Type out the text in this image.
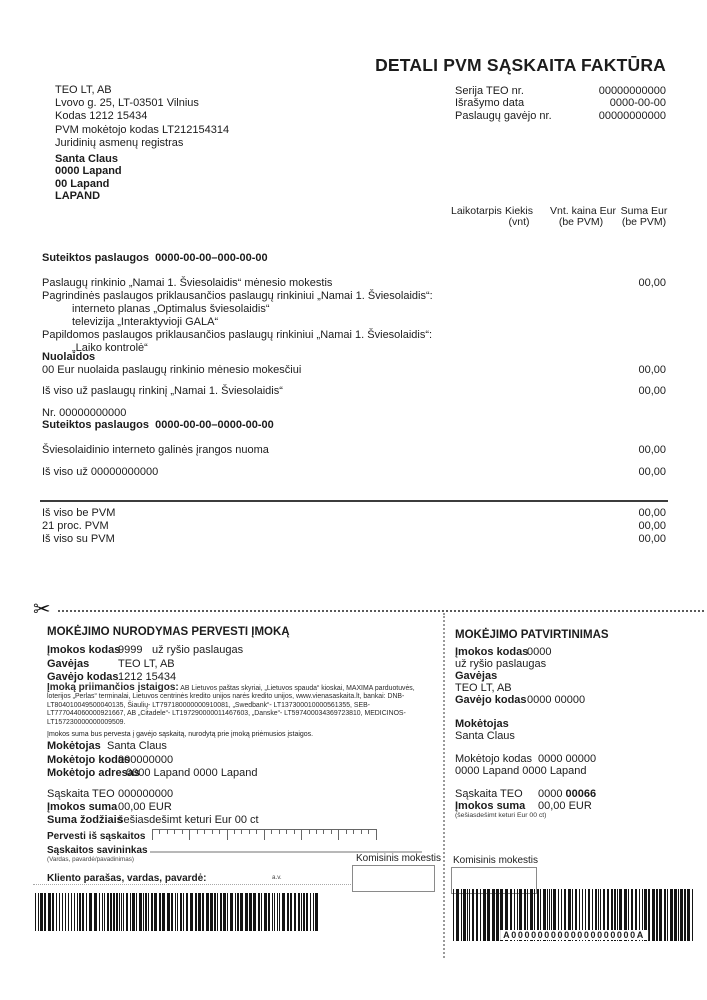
DETALI PVM SĄSKAITA FAKTŪRA
TEO LT, AB
Lvovo g. 25, LT-03501 Vilnius
Kodas 1212 15434
PVM mokėtojo kodas LT212154314
Juridinių asmenų registras
Santa Claus
0000 Lapand
00 Lapand
LAPAND
Serija TEO nr.	00000000000
Išrašymo data	0000-00-00
Paslaugų gavėjo nr.	00000000000
Laikotarpis Kiekis
(vnt)
Vnt. kaina Eur
(be PVM)
Suma Eur
(be PVM)
Suteiktos paslaugos 0000-00-00–000-00-00
Paslaugų rinkinio „Namai 1. Šviesolaidis“ mėnesio mokestis	00,00
Pagrindinės paslaugos priklausančios paslaugų rinkiniui „Namai 1. Šviesolaidis“:
interneto planas „Optimalus šviesolaidis“
televizija „Interaktyvioji GALA“
Papildomos paslaugos priklausančios paslaugų rinkiniui „Namai 1. Šviesolaidis“:
„Laiko kontrolė“
Nuolaidos
00 Eur nuolaida paslaugų rinkinio mėnesio mokesčiui	00,00
Iš viso už paslaugų rinkinį „Namai 1. Šviesolaidis“	00,00
Nr. 00000000000
Suteiktos paslaugos 0000-00-00–0000-00-00
Šviesolaidinio interneto galinės įrangos nuoma	00,00
Iš viso už 00000000000	00,00
Iš viso be PVM	00,00
21 proc. PVM	00,00
Iš viso su PVM	00,00
✂
MOKĖJIMO NURODYMAS PERVESTI ĮMOKĄ
Įmokos kodas
9999 už ryšio paslaugas
Gavėjas	TEO LT, AB
Gavėjo kodas 1212 15434
Įmoką priimančios įstaigos: AB Lietuvos paštas skyriai, „Lietuvos spauda“ kioskai, MAXIMA parduotuvės, loterijos „Perlas“ terminalai, Lietuvos centrinės kredito unijos narės kredito unijos, www.vienasaskaita.lt, bankai: DNB- LT804010049500040135, Šiaulių- LT797180000000910081, „Swedbank“- LT137300010000561355, SEB- LT777044060000921667, AB „Citadele“- LT197290000011467603, „Danske“- LT597400034369723810, MEDICINOS- LT157230000000009509.
Įmokos suma bus pervesta į gavėjo sąskaitą, nurodytą prie įmoką priėmusios įstaigos.
Mokėtojas Santa Claus
Mokėtojo kodas
000000000
Mokėtojo adresas
0000 Lapand 0000 Lapand
Sąskaita TEO 000000000
Įmokos suma 00,00 EUR
Suma žodžiais
šešiasdešimt keturi Eur 00 ct
Pervesti iš sąskaitos
Sąskaitos savininkas
(Vardas, pavardė/pavadinimas)	Komisinis mokestis
Kliento parašas, vardas, pavardė:	a.v.
MOKĖJIMO PATVIRTINIMAS
Įmokos kodas
0000
už ryšio paslaugas
Gavėjas
TEO LT, AB
Gavėjo kodas 0000 00000
Mokėtojas
Santa Claus
Mokėtojo kodas 0000 00000
0000 Lapand 0000 Lapand
Sąskaita TEO 0000 00066
Įmokos suma 00,00 EUR
(šešiasdešimt keturi Eur 00 ct)
Komisinis mokestis
A0000000000000000000A
